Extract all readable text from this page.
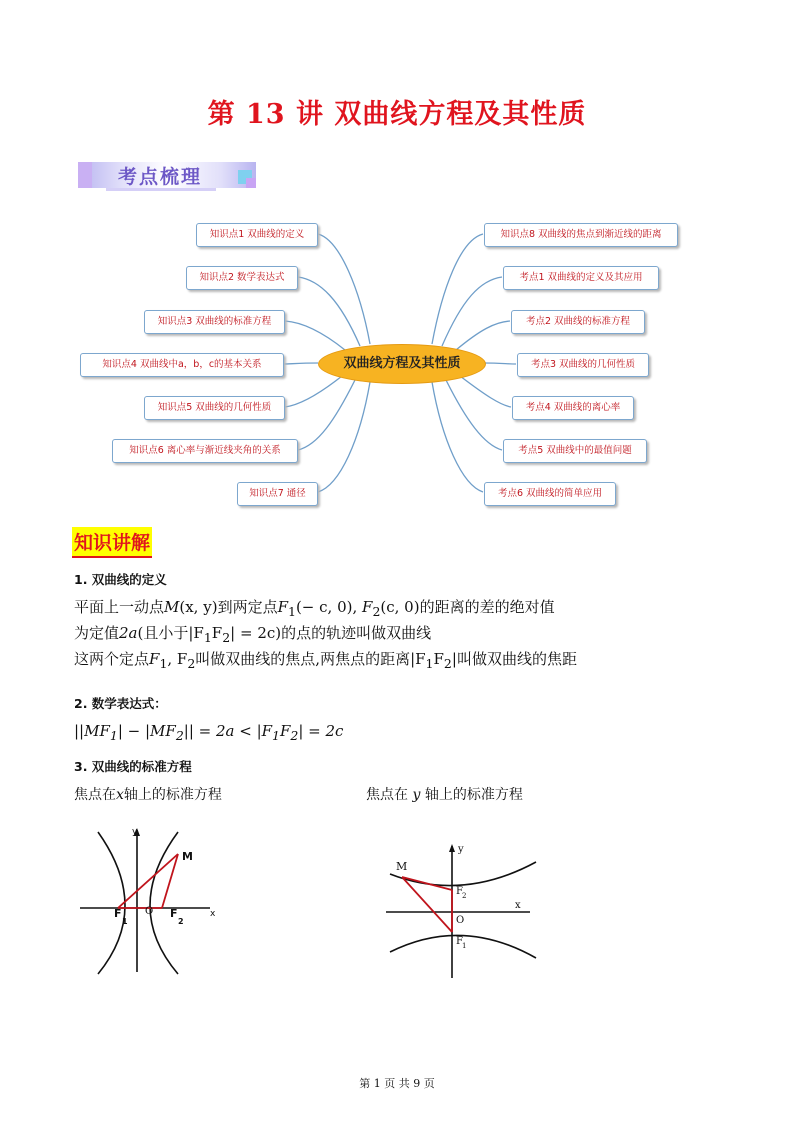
第 13 讲 双曲线方程及其性质
考点梳理
知识点1 双曲线的定义
知识点2 数学表达式
知识点3 双曲线的标准方程
知识点4 双曲线中a，b，c的基本关系
知识点5 双曲线的几何性质
知识点6 离心率与渐近线夹角的关系
知识点7 通径
知识点8 双曲线的焦点到渐近线的距离
考点1 双曲线的定义及其应用
考点2 双曲线的标准方程
考点3 双曲线的几何性质
考点4 双曲线的离心率
考点5 双曲线中的最值问题
考点6 双曲线的简单应用
双曲线方程及其性质
知识讲解
1. 双曲线的定义
平面上一动点M(x, y)到两定点$F_1(- c$, 0), $F_2(c$, 0)的距离的差的绝对值
为定值2a(且小于$|F_1F_2| = 2c$)的点的轨迹叫做双曲线
这两个定点$F_1$, $F_2$叫做双曲线的焦点,两焦点的距离$|F_1F_2|$叫做双曲线的焦距
2. 数学表达式：
$||MF_1| - |MF_2|| = 2a < |F_1F_2| = 2c$
3. 双曲线的标准方程
焦点在x轴上的标准方程	焦点在 y 轴上的标准方程
y
x
M
O
F
1
F
2
y
x
M
O
F 2
F 1
第 1 页 共 9 页
